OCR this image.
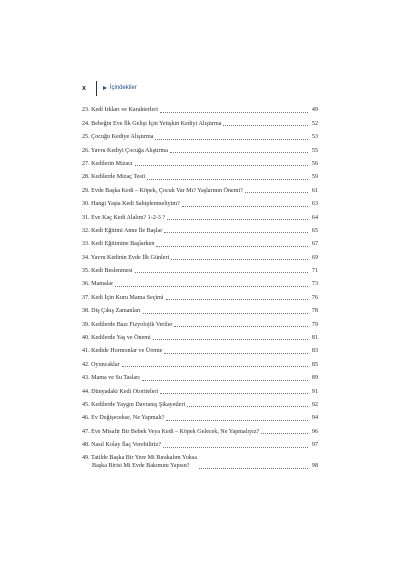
x	İçindekiler
23. Kedi Irkları ve Karakterleri	49
24. Bebeğin Eve İlk Gelişi İçin Yetişkin Kediyi Alıştırma	52
25. Çocuğu Kediye Alıştırma	53
26. Yavru Kediyi Çocuğa Alıştırma	55
27. Kedilerin Mizacı	56
28. Kedilerde Mizaç Testi	59
29. Evde Başka Kedi – Köpek, Çocuk Var Mı? Yaşlarının Önemi?	61
30. Hangi Yaşta Kedi Sahiplenmeliyim?	63
31. Eve Kaç Kedi Alalım? 1-2-3 ?	64
32. Kedi Eğitimi Anne İle Başlar	65
33. Kedi Eğitimine Başlarken	67
34. Yavru Kedinin Evde İlk Günleri	69
35. Kedi Beslenmesi	71
36. Mamalar	73
37. Kedi İçin Kuru Mama Seçimi	76
38. Diş Çıkış Zamanları	78
39. Kedilerde Bazı Fizyolojik Veriler	79
40. Kedilerde Yaş ve Önemi	81
41. Kedide Hormonlar ve Üreme	83
42. Oyuncaklar	85
43. Mama ve Su Tasları	89
44. Dünyadaki Kedi Otoriteleri	91
45. Kedilerde Yaygın Davranış Şikayetleri	92
46. Ev Değişecekse, Ne Yapmalı?	94
47. Eve Misafir Bir Bebek Veya Kedi – Köpek Gelecek, Ne Yapmalıyız?	96
48. Nasıl Kolay İlaç Verebiliriz?	97
49. Tatilde Başka Bir Yere Mi Bırakalım Yoksa
Başka Birisi Mi Evde Bakımını Yapsın?	98
